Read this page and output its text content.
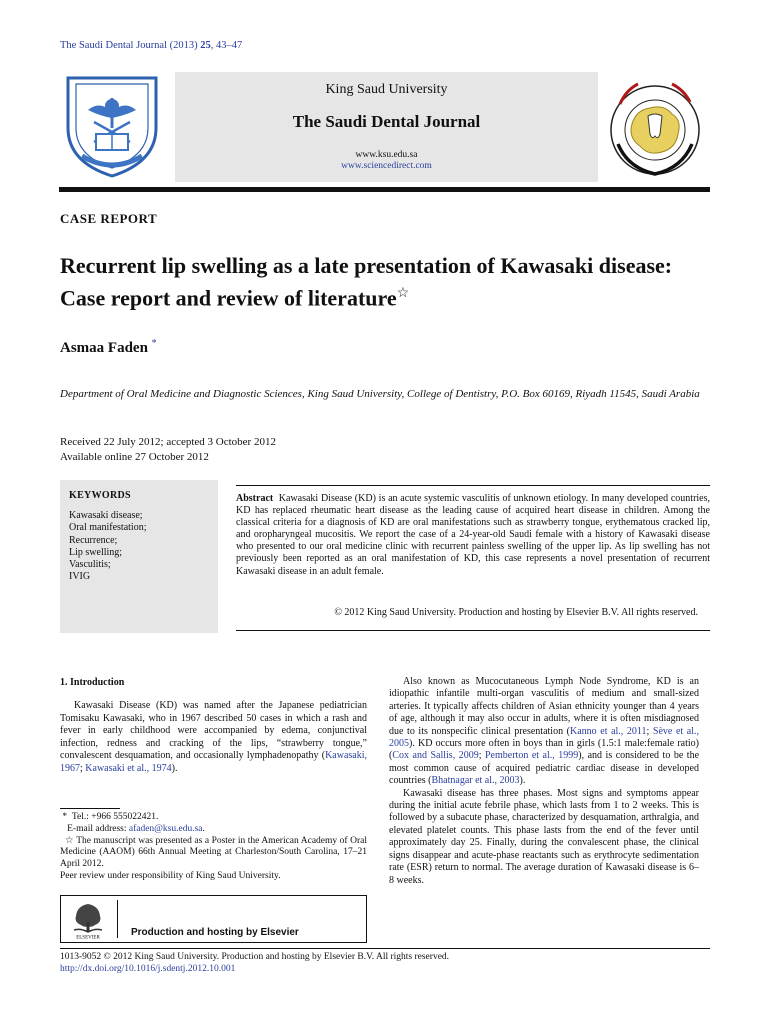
The Saudi Dental Journal (2013) 25, 43–47
King Saud University
The Saudi Dental Journal
www.ksu.edu.sa
www.sciencedirect.com
CASE REPORT
Recurrent lip swelling as a late presentation of Kawasaki disease: Case report and review of literature☆
Asmaa Faden *
Department of Oral Medicine and Diagnostic Sciences, King Saud University, College of Dentistry, P.O. Box 60169, Riyadh 11545, Saudi Arabia
Received 22 July 2012; accepted 3 October 2012
Available online 27 October 2012
KEYWORDS
Kawasaki disease;
Oral manifestation;
Recurrence;
Lip swelling;
Vasculitis;
IVIG
Abstract Kawasaki Disease (KD) is an acute systemic vasculitis of unknown etiology. In many developed countries, KD has replaced rheumatic heart disease as the leading cause of acquired heart disease in children. Among the classical criteria for a diagnosis of KD are oral manifestations such as strawberry tongue, erythematous cracked lip, and oropharyngeal mucositis. We report the case of a 24-year-old Saudi female with a history of Kawasaki disease who presented to our oral medicine clinic with recurrent painless swelling of the upper lip. As lip swelling has not previously been reported as an oral manifestation of KD, this case represents a novel presentation of recurrent Kawasaki disease in an adult female.
© 2012 King Saud University. Production and hosting by Elsevier B.V. All rights reserved.
1. Introduction

Kawasaki Disease (KD) was named after the Japanese pediatrician Tomisaku Kawasaki, who in 1967 described 50 cases in which a rash and fever in early childhood were accompanied by edema, conjunctival infection, redness and cracking of the lips, “strawberry tongue,” convalescent desquamation, and occasionally lymphadenopathy (Kawasaki, 1967; Kawasaki et al., 1974).

* Tel.: +966 555022421.
E-mail address: afaden@ksu.edu.sa.
☆ The manuscript was presented as a Poster in the American Academy of Oral Medicine (AAOM) 66th Annual Meeting at Charleston/South Carolina, 17–21 April 2012.
Peer review under responsibility of King Saud University.
ELSEVIER	Production and hosting by Elsevier

Also known as Mucocutaneous Lymph Node Syndrome, KD is an idiopathic infantile multi-organ vasculitis of medium and small-sized arteries. It typically affects children of Asian ethnicity younger than 4 years of age, although it may also occur in adults, where it is often misdiagnosed due to its nonspecific clinical presentation (Kanno et al., 2011; Sève et al., 2005). KD occurs more often in boys than in girls (1.5:1 male:female ratio) (Cox and Sallis, 2009; Pemberton et al., 1999), and is considered to be the most common cause of acquired pediatric cardiac disease in developed countries (Bhatnagar et al., 2003).

Kawasaki disease has three phases. Most signs and symptoms appear during the initial acute febrile phase, which lasts from 1 to 2 weeks. This is followed by a subacute phase, characterized by desquamation, arthralgia, and elevated platelet counts. This phase lasts from the end of the fever until approximately day 25. Finally, during the convalescent phase, the clinical signs disappear and acute-phase reactants such as erythrocyte sedimentation rate (ESR) return to normal. The average duration of Kawasaki disease is 6–8 weeks.

1013-9052 © 2012 King Saud University. Production and hosting by Elsevier B.V. All rights reserved.
http://dx.doi.org/10.1016/j.sdentj.2012.10.001
